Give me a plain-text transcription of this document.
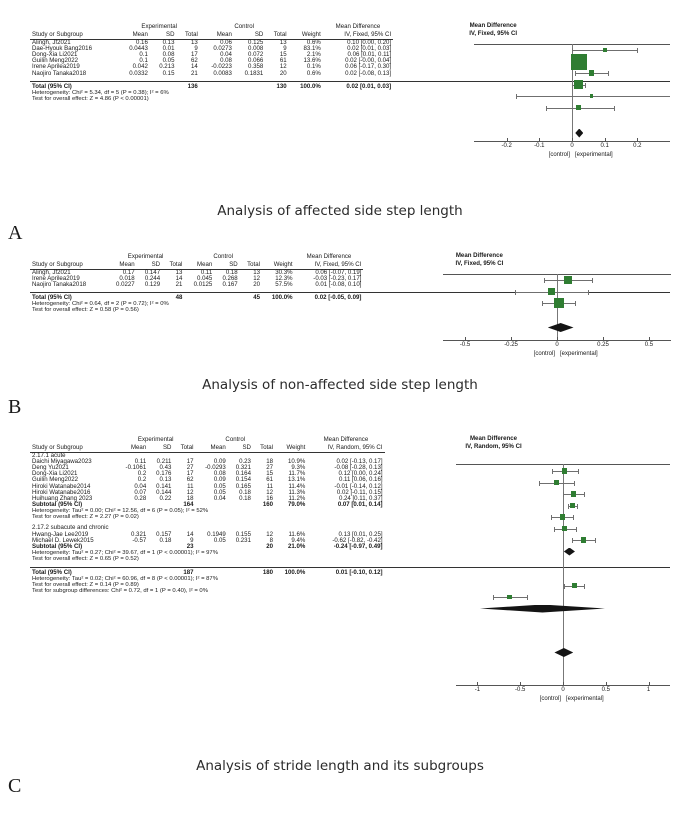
	Experimental			Control				Mean Difference	Mean Difference
IV, Fixed, 95% CI

Study or Subgroup	Mean	SD	Total	Mean	SD	Total	Weight	IV, Fixed, 95% CI	
Alingh, Jf2021	0.16	0.13	13	0.06	0.125	13	0.6%	0.10 [0.00, 0.20]	
Dae-Hyouk Bang2016	0.0443	0.01	9	0.0273	0.008	9	83.1%	0.02 [0.01, 0.03]	
Dong-Xia Li2021	0.1	0.08	17	0.04	0.072	15	2.1%	0.06 [0.01, 0.11]	
Guilin Meng2022	0.1	0.05	62	0.08	0.066	61	13.6%	0.02 [-0.00, 0.04]	
Irene Aprilea2019	0.042	0.213	14	-0.0223	0.358	12	0.1%	0.06 [-0.17, 0.30]	
Naojiro Tanaka2018	0.0332	0.15	21	0.0083	0.1831	20	0.6%	0.02 [-0.08, 0.13]	

Total (95% CI)			136			130	100.0%	0.02 [0.01, 0.03]	
Heterogeneity: Chi² = 5.34, df = 5 (P = 0.38); I² = 6%									
Test for overall effect: Z = 4.86 (P < 0.00001)									
-0.2	-0.1	0	0.1	0.2
[control] [experimental]
Analysis of affected side step length
A
	Experimental			Control				Mean Difference	Mean Difference
IV, Fixed, 95% CI

Study or Subgroup	Mean	SD	Total	Mean	SD	Total	Weight	IV, Fixed, 95% CI	
Alingh, Jf2021	0.17	0.147	13	0.11	0.18	13	30.3%	0.06 [-0.07, 0.19]	
Irene Aprilea2019	0.018	0.244	14	0.045	0.268	12	12.3%	-0.03 [-0.23, 0.17]	
Naojiro Tanaka2018	0.0227	0.129	21	0.0125	0.167	20	57.5%	0.01 [-0.08, 0.10]	

Total (95% CI)			48			45	100.0%	0.02 [-0.05, 0.09]	
Heterogeneity: Chi² = 0.64, df = 2 (P = 0.72); I² = 0%									
Test for overall effect: Z = 0.58 (P = 0.56)									
-0.5	-0.25	0	0.25	0.5
[control] [experimental]
Analysis of non-affected side step length
B
	Experimental			Control				Mean Difference	Mean Difference
IV, Random, 95% CI

Study or Subgroup	Mean	SD	Total	Mean	SD	Total	Weight	IV, Random, 95% CI	
2.17.1 acute									
Daichi Miyagawa2023	0.11	0.211	17	0.09	0.23	18	10.9%	0.02 [-0.13, 0.17]	
Deng Yu2021	-0.1061	0.43	27	-0.0293	0.321	27	9.3%	-0.08 [-0.28, 0.13]	
Dong-Xia Li2021	0.2	0.176	17	0.08	0.164	15	11.7%	0.12 [0.00, 0.24]	
Guilin Meng2022	0.2	0.13	62	0.09	0.154	61	13.1%	0.11 [0.06, 0.16]	
Hiroki Watanabe2014	0.04	0.141	11	0.05	0.165	11	11.4%	-0.01 [-0.14, 0.12]	
Hiroki Watanabe2016	0.07	0.144	12	0.05	0.18	12	11.3%	0.02 [-0.11, 0.15]	
Huihuang Zhang 2023	0.28	0.22	18	0.04	0.18	16	11.2%	0.24 [0.11, 0.37]	
Subtotal (95% CI)			164			160	79.0%	0.07 [0.01, 0.14]	
Heterogeneity: Tau² = 0.00; Chi² = 12.56, df = 6 (P = 0.05); I² = 52%									
Test for overall effect: Z = 2.27 (P = 0.02)									

2.17.2 subacute and chronic									
Hwang-Jae Lee2019	0.321	0.157	14	0.1949	0.155	12	11.6%	0.13 [0.01, 0.25]	
Michael D. Lewek2015	-0.57	0.18	9	0.05	0.231	8	9.4%	-0.62 [-0.82, -0.42]	
Subtotal (95% CI)			23			20	21.0%	-0.24 [-0.97, 0.49]	
Heterogeneity: Tau² = 0.27; Chi² = 39.67, df = 1 (P < 0.00001); I² = 97%									
Test for overall effect: Z = 0.65 (P = 0.52)									

Total (95% CI)			187			180	100.0%	0.01 [-0.10, 0.12]	
Heterogeneity: Tau² = 0.02; Chi² = 60.96, df = 8 (P < 0.00001); I² = 87%									
Test for overall effect: Z = 0.14 (P = 0.89)									
Test for subgroup differences: Chi² = 0.72, df = 1 (P = 0.40), I² = 0%									
-1	-0.5	0	0.5	1
[control] [experimental]
Analysis of stride length and its subgroups
C
